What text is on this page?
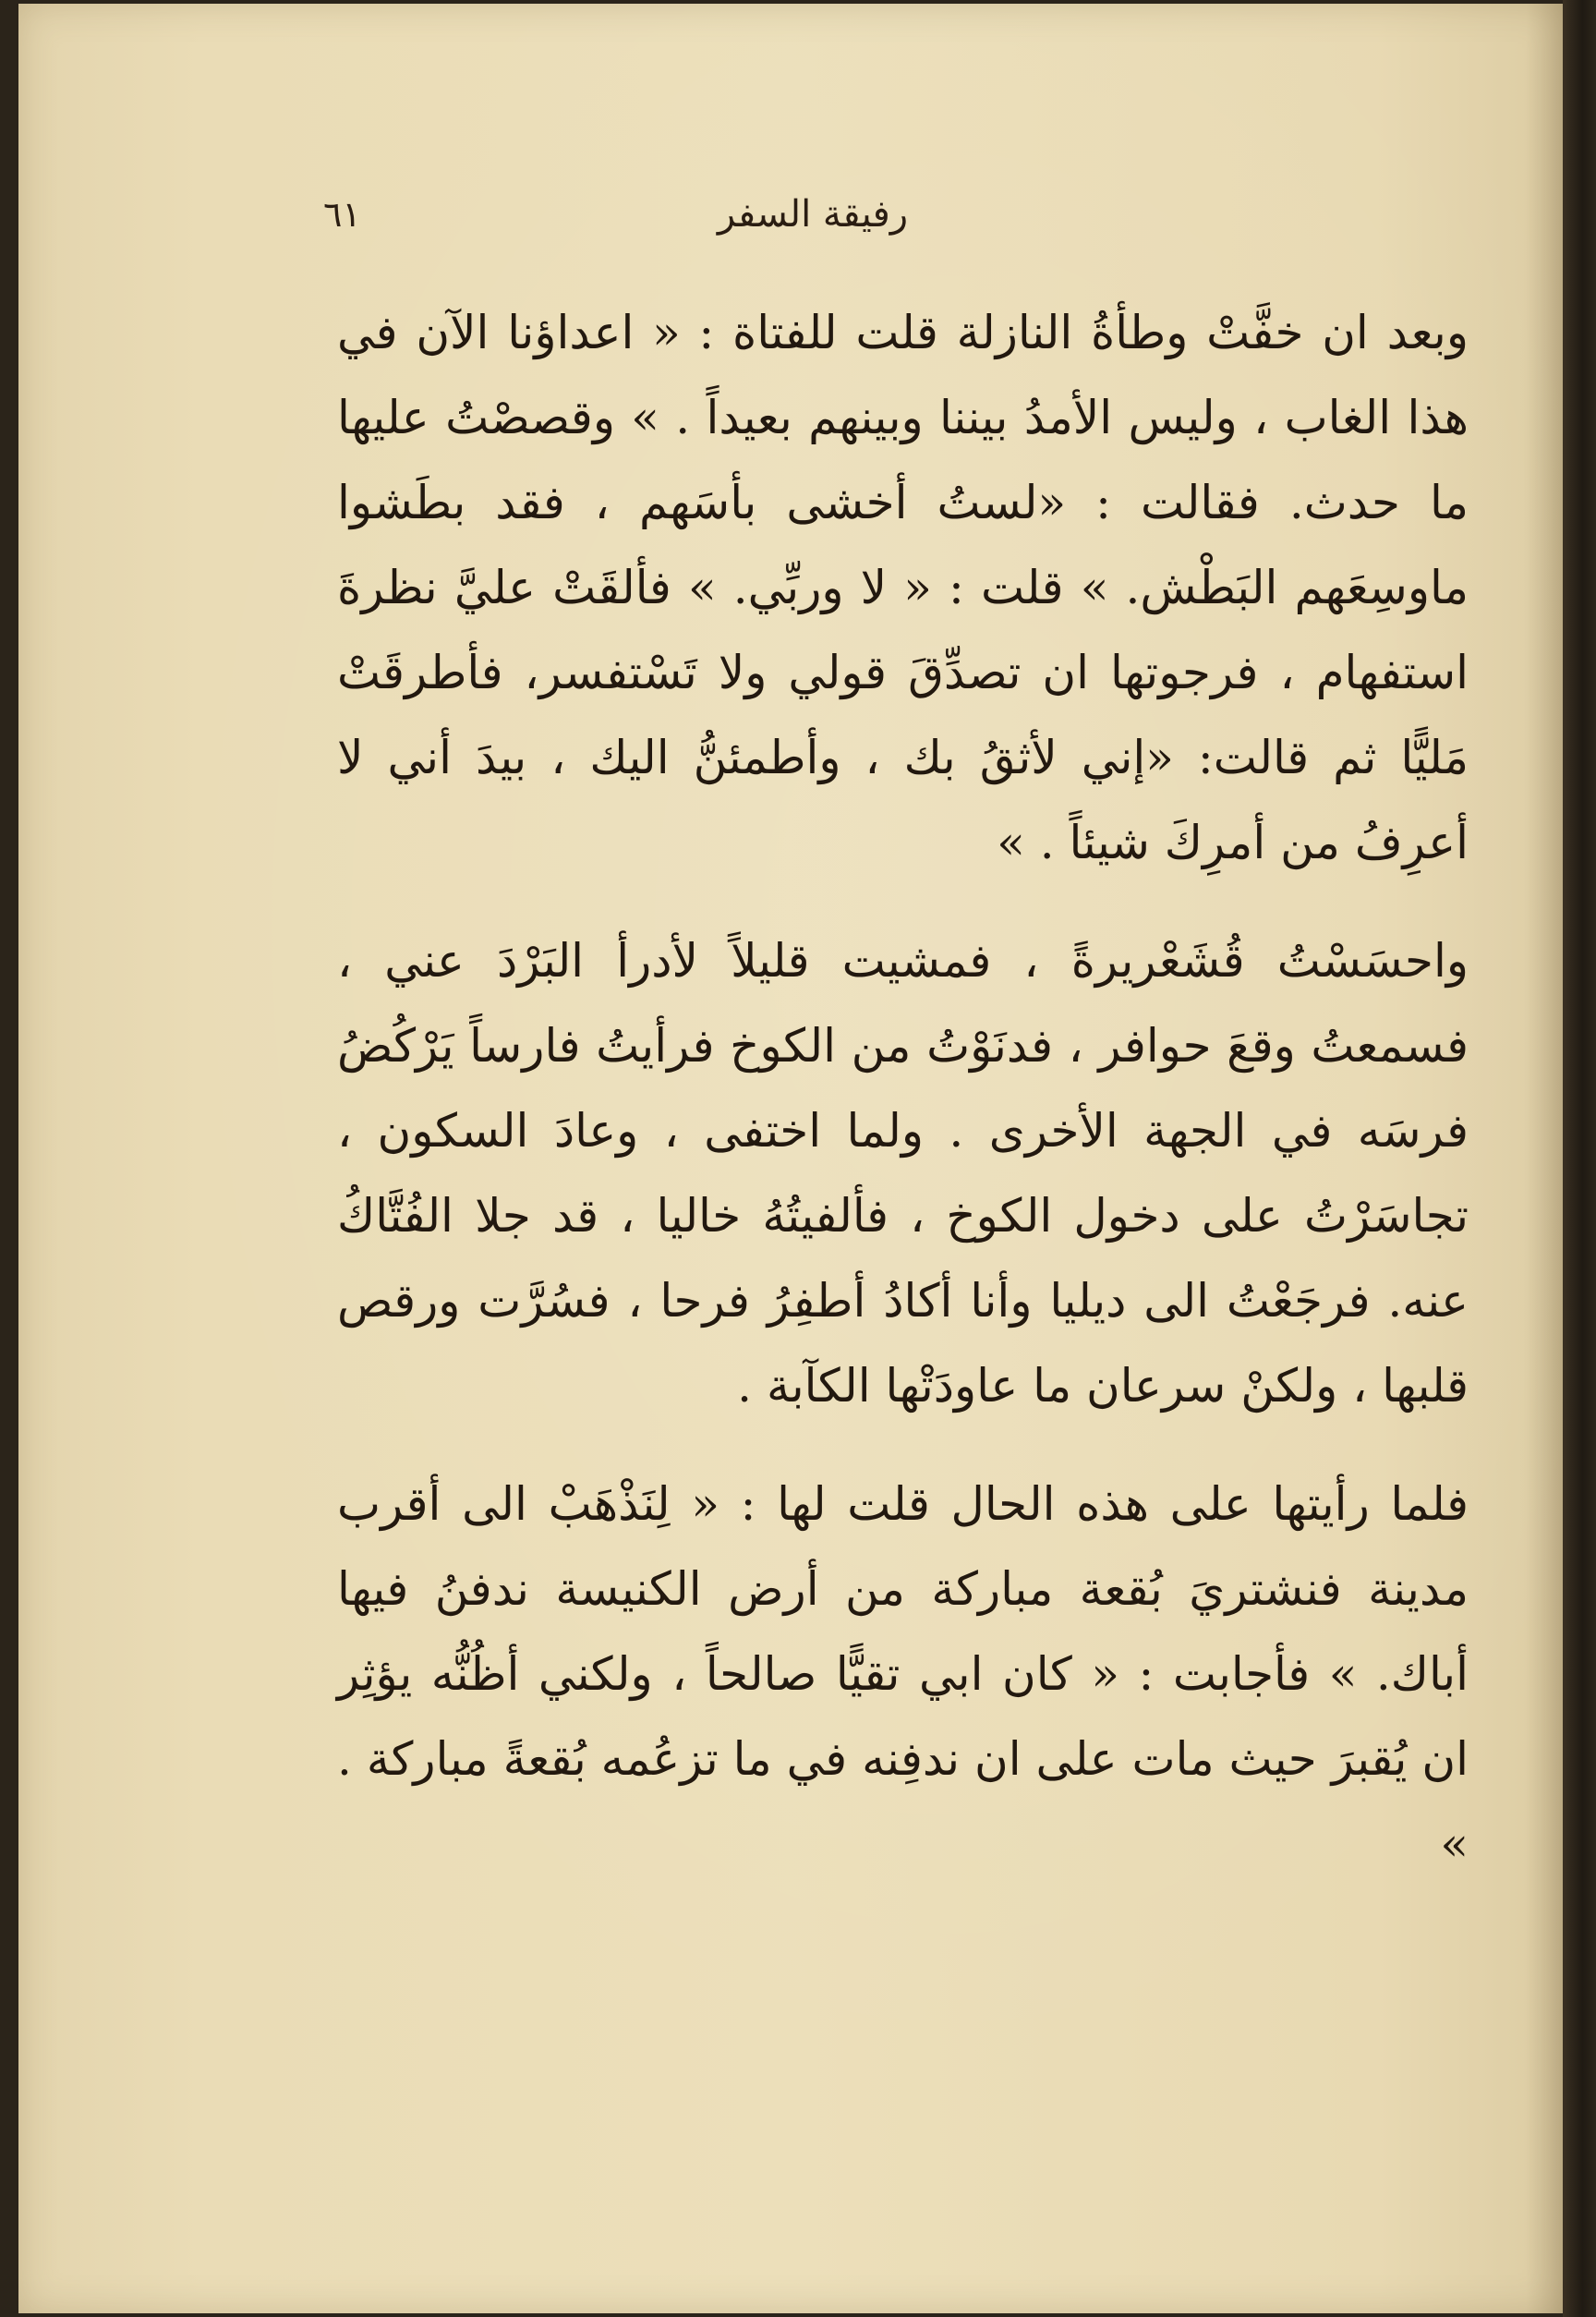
رفيقة السفر
٦١

وبعد ان خفَّتْ وطأةُ النازلة قلت للفتاة : « اعداؤنا الآن في هذا الغاب ، وليس الأمدُ بيننا وبينهم بعيداً . » وقصصْتُ عليها ما حدث. فقالت : «لستُ أخشى بأسَهم ، فقد بطَشوا ماوسِعَهم البَطْش. » قلت : « لا وربِّي. » فألقَتْ عليَّ نظرةَ استفهام ، فرجوتها ان تصدِّقَ قولي ولا تَسْتفسر، فأطرقَتْ مَليًّا ثم قالت: «إني لأثقُ بك ، وأطمئنُّ اليك ، بيدَ أني لا أعرِفُ من أمرِكَ شيئاً . »

واحسَسْتُ قُشَعْريرةً ، فمشيت قليلاً لأدرأ البَرْدَ عني ، فسمعتُ وقعَ حوافر ، فدنَوْتُ من الكوخ فرأيتُ فارساً يَرْكُضُ فرسَه في الجهة الأخرى . ولما اختفى ، وعادَ السكون ، تجاسَرْتُ على دخول الكوخ ، فألفيتُهُ خاليا ، قد جلا الفُتَّاكُ عنه. فرجَعْتُ الى ديليا وأنا أكادُ أطفِرُ فرحا ، فسُرَّت ورقص قلبها ، ولكنْ سرعان ما عاودَتْها الكآبة .

فلما رأيتها على هذه الحال قلت لها : « لِنَذْهَبْ الى أقرب مدينة فنشتريَ بُقعة مباركة من أرض الكنيسة ندفنُ فيها أباك. » فأجابت : « كان ابي تقيًّا صالحاً ، ولكني أظُنُّه يؤثِر ان يُقبرَ حيث مات على ان ندفِنه في ما تزعُمه بُقعةً مباركة . »
